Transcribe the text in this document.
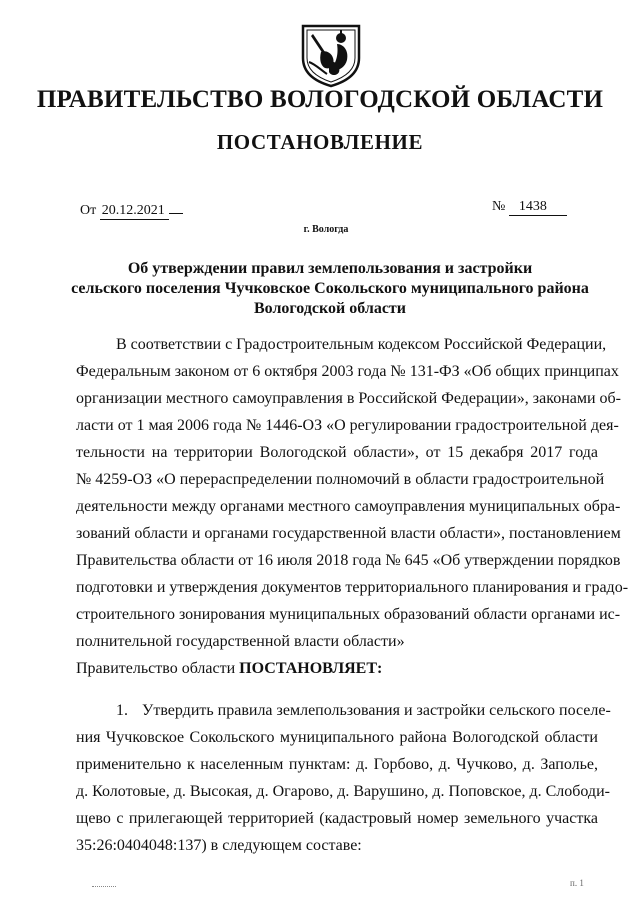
ПРАВИТЕЛЬСТВО ВОЛОГОДСКОЙ ОБЛАСТИ
ПОСТАНОВЛЕНИЕ
От 20.12.2021	№ 1438
г. Вологда
Об утверждении правил землепользования и застройки
сельского поселения Чучковское Сокольского муниципального района
Вологодской области
В соответствии с Градостроительным кодексом Российской Федерации,
Федеральным законом от 6 октября 2003 года № 131-ФЗ «Об общих принципах
организации местного самоуправления в Российской Федерации», законами об-
ласти от 1 мая 2006 года № 1446-ОЗ «О регулировании градостроительной дея-
тельности на территории Вологодской области», от 15 декабря 2017 года
№ 4259-ОЗ «О перераспределении полномочий в области градостроительной
деятельности между органами местного самоуправления муниципальных обра-
зований области и органами государственной власти области», постановлением
Правительства области от 16 июля 2018 года № 645 «Об утверждении порядков
подготовки и утверждения документов территориального планирования и градо-
строительного зонирования муниципальных образований области органами ис-
полнительной государственной власти области»
Правительство области ПОСТАНОВЛЯЕТ:
1. Утвердить правила землепользования и застройки сельского поселе-
ния Чучковское Сокольского муниципального района Вологодской области
применительно к населенным пунктам: д. Горбово, д. Чучково, д. Заполье,
д. Колотовые, д. Высокая, д. Огарово, д. Варушино, д. Поповское, д. Слободи-
щево с прилегающей территорией (кадастровый номер земельного участка
35:26:0404048:137) в следующем составе:
п. 1
